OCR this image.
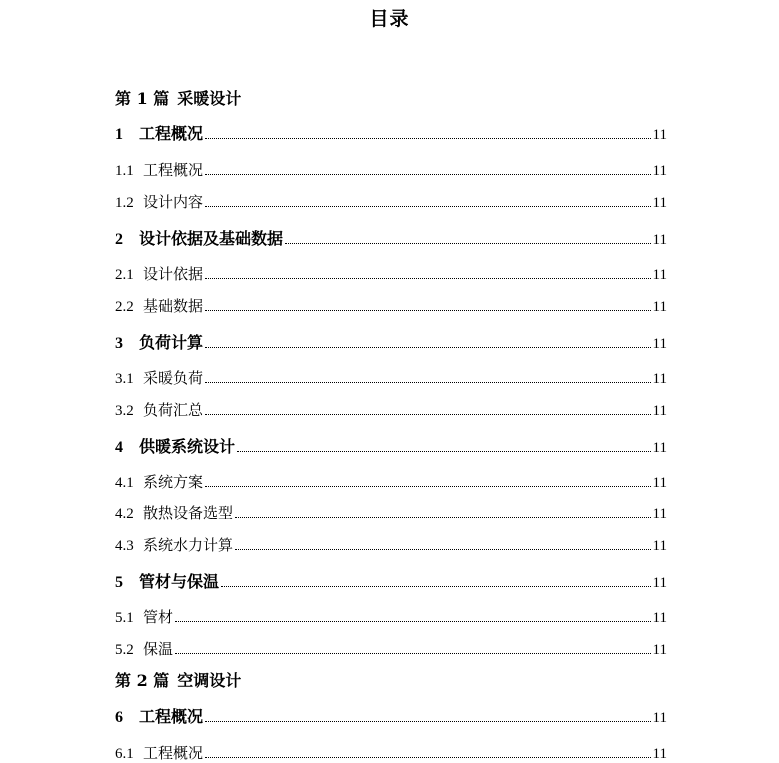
目录
第 1 篇 采暖设计
1	工程概况	11
1.1 工程概况	11
1.2 设计内容	11
2	设计依据及基础数据	11
2.1 设计依据	11
2.2 基础数据	11
3	负荷计算	11
3.1 采暖负荷	11
3.2 负荷汇总	11
4	供暖系统设计	11
4.1 系统方案	11
4.2 散热设备选型	11
4.3 系统水力计算	11
5	管材与保温	11
5.1 管材	11
5.2 保温	11
第 2 篇 空调设计
6	工程概况	11
6.1 工程概况	11
